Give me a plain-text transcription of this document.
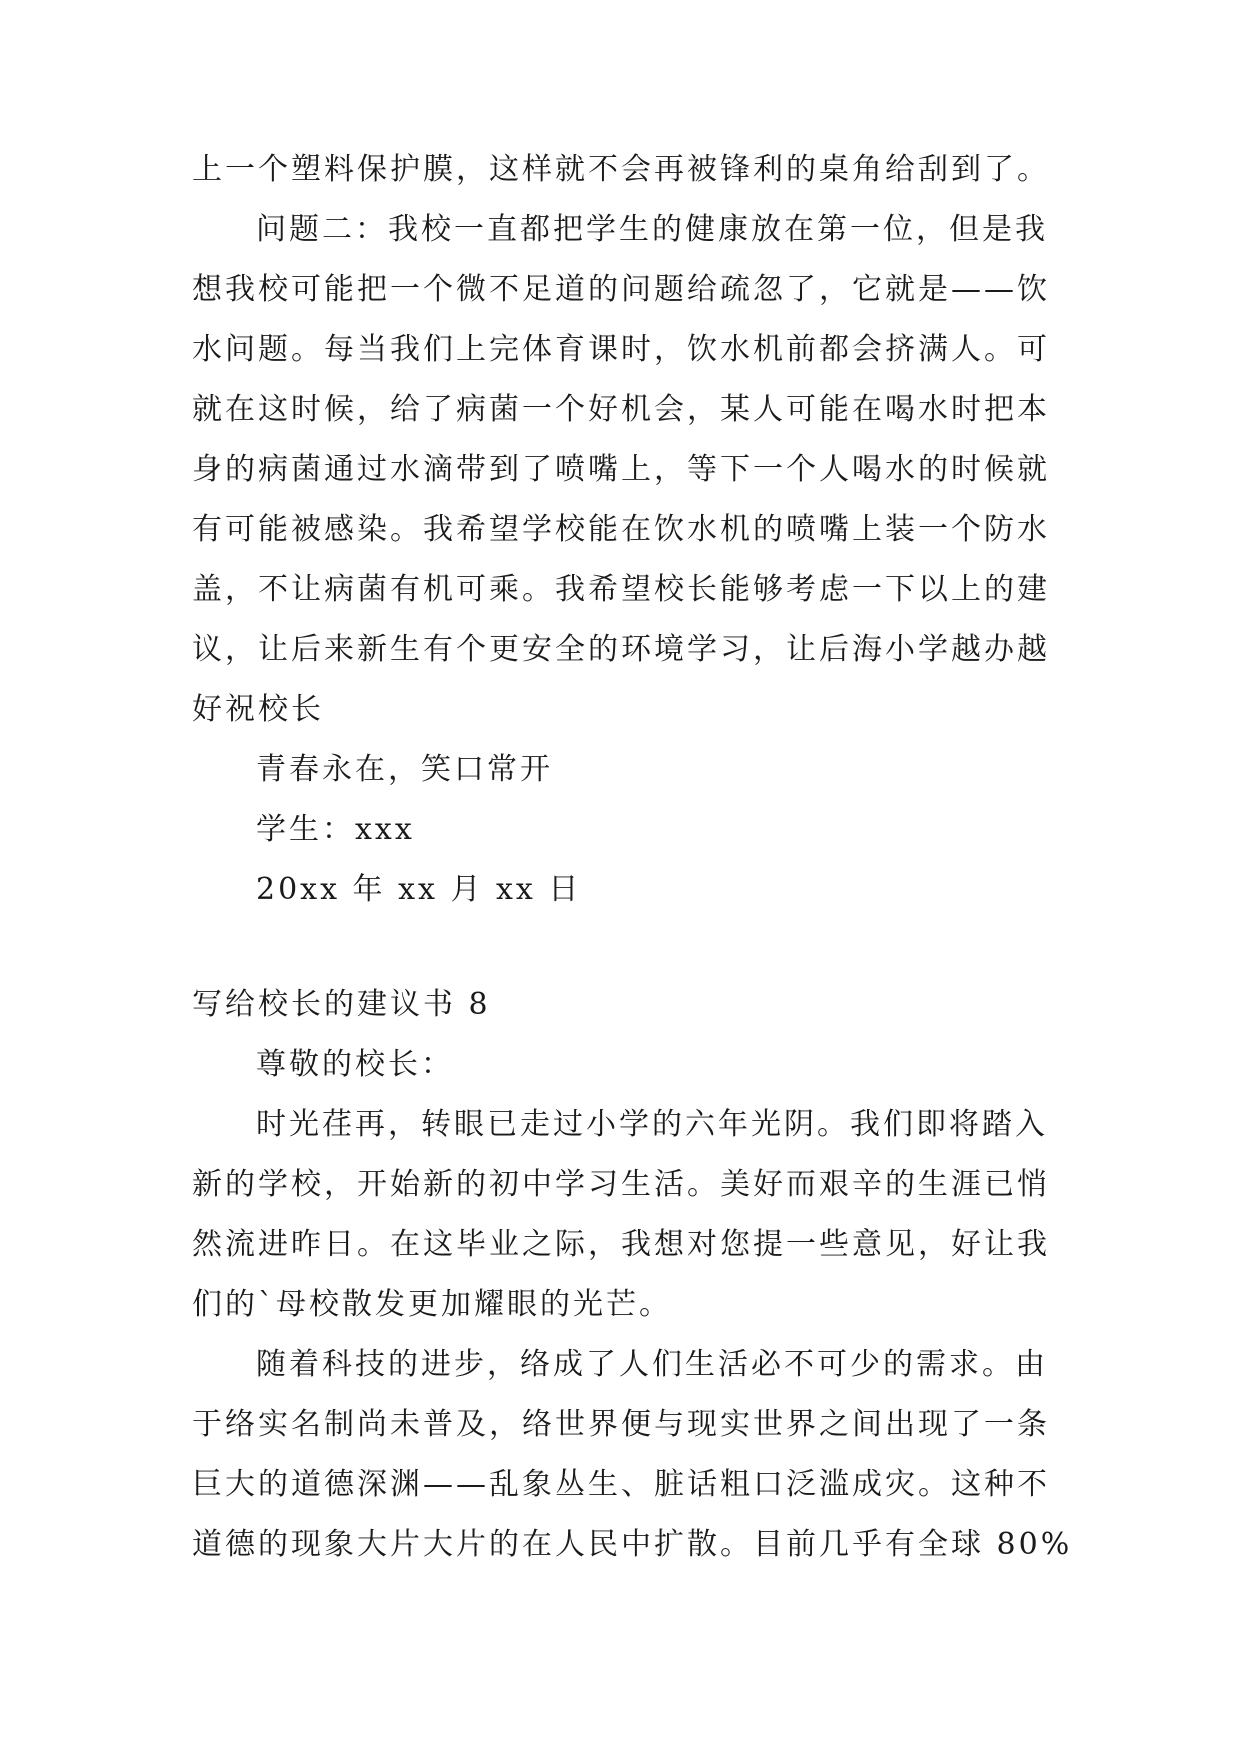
上一个塑料保护膜，这样就不会再被锋利的桌角给刮到了。
问题二：我校一直都把学生的健康放在第一位，但是我
想我校可能把一个微不足道的问题给疏忽了，它就是——饮
水问题。每当我们上完体育课时，饮水机前都会挤满人。可
就在这时候，给了病菌一个好机会，某人可能在喝水时把本
身的病菌通过水滴带到了喷嘴上，等下一个人喝水的时候就
有可能被感染。我希望学校能在饮水机的喷嘴上装一个防水
盖，不让病菌有机可乘。我希望校长能够考虑一下以上的建
议，让后来新生有个更安全的环境学习，让后海小学越办越
好祝校长
青春永在，笑口常开
学生：xxx
20xx 年 xx 月 xx 日
写给校长的建议书 8
尊敬的校长：
时光荏再，转眼已走过小学的六年光阴。我们即将踏入
新的学校，开始新的初中学习生活。美好而艰辛的生涯已悄
然流进昨日。在这毕业之际，我想对您提一些意见，好让我
们的`母校散发更加耀眼的光芒。
随着科技的进步，络成了人们生活必不可少的需求。由
于络实名制尚未普及，络世界便与现实世界之间出现了一条
巨大的道德深渊——乱象丛生、脏话粗口泛滥成灾。这种不
道德的现象大片大片的在人民中扩散。目前几乎有全球 80%
